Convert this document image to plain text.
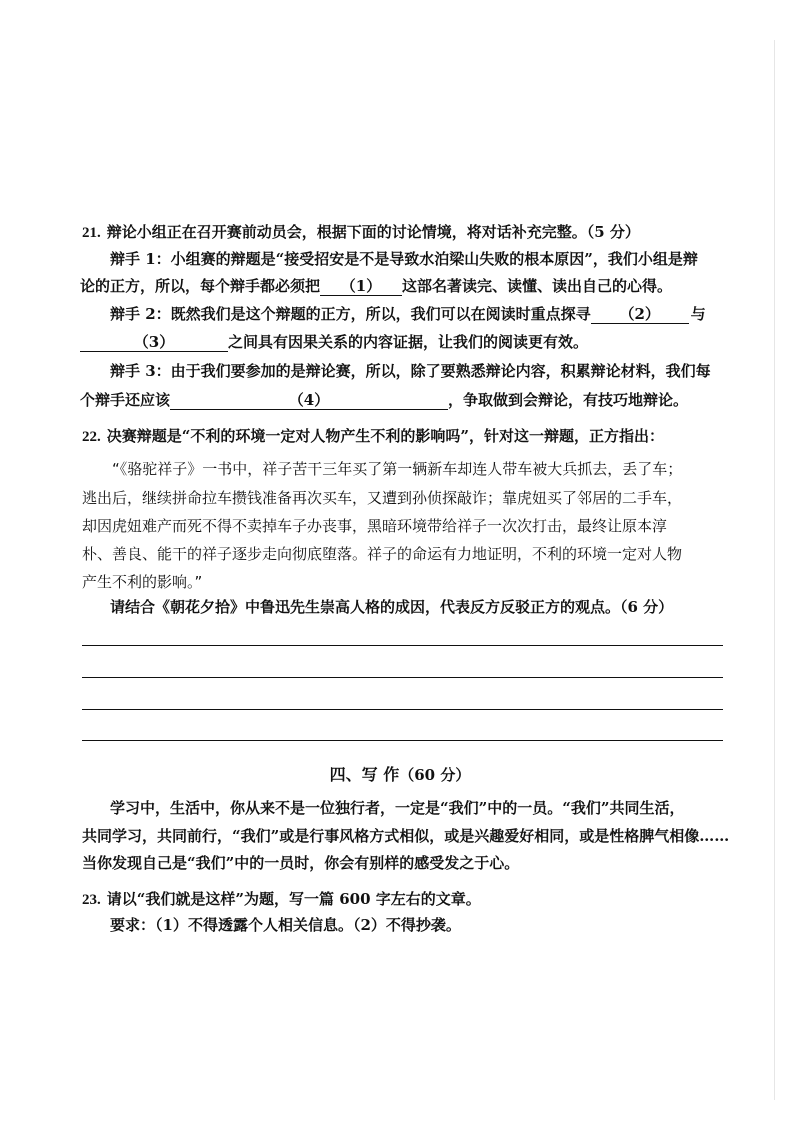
21. 辩论小组正在召开赛前动员会，根据下面的讨论情境，将对话补充完整。（5 分）
辩手 1：小组赛的辩题是“接受招安是不是导致水泊梁山失败的根本原因”，我们小组是辩
论的正方，所以，每个辩手都必须把 （1） 这部名著读完、读懂、读出自己的心得。
辩手 2：既然我们是这个辩题的正方，所以，我们可以在阅读时重点探寻 （2） 与
（3）	之间具有因果关系的内容证据，让我们的阅读更有效。
辩手 3：由于我们要参加的是辩论赛，所以，除了要熟悉辩论内容，积累辩论材料，我们每
个辩手还应该	（4）	，争取做到会辩论，有技巧地辩论。
22. 决赛辩题是“不利的环境一定对人物产生不利的影响吗”，针对这一辩题，正方指出：
“《骆驼祥子》一书中，祥子苦干三年买了第一辆新车却连人带车被大兵抓去，丢了车；
逃出后，继续拼命拉车攒钱准备再次买车，又遭到孙侦探敲诈；靠虎妞买了邻居的二手车，
却因虎妞难产而死不得不卖掉车子办丧事，黑暗环境带给祥子一次次打击，最终让原本淳
朴、善良、能干的祥子逐步走向彻底堕落。祥子的命运有力地证明，不利的环境一定对人物
产生不利的影响。”
请结合《朝花夕拾》中鲁迅先生崇高人格的成因，代表反方反驳正方的观点。（6 分）
四、写 作（60 分）
学习中，生活中，你从来不是一位独行者，一定是“我们”中的一员。“我们”共同生活，
共同学习，共同前行，“我们”或是行事风格方式相似，或是兴趣爱好相同，或是性格脾气相像……
当你发现自己是“我们”中的一员时，你会有别样的感受发之于心。
23. 请以“我们就是这样”为题，写一篇 600 字左右的文章。
要求：（1）不得透露个人相关信息。（2）不得抄袭。
